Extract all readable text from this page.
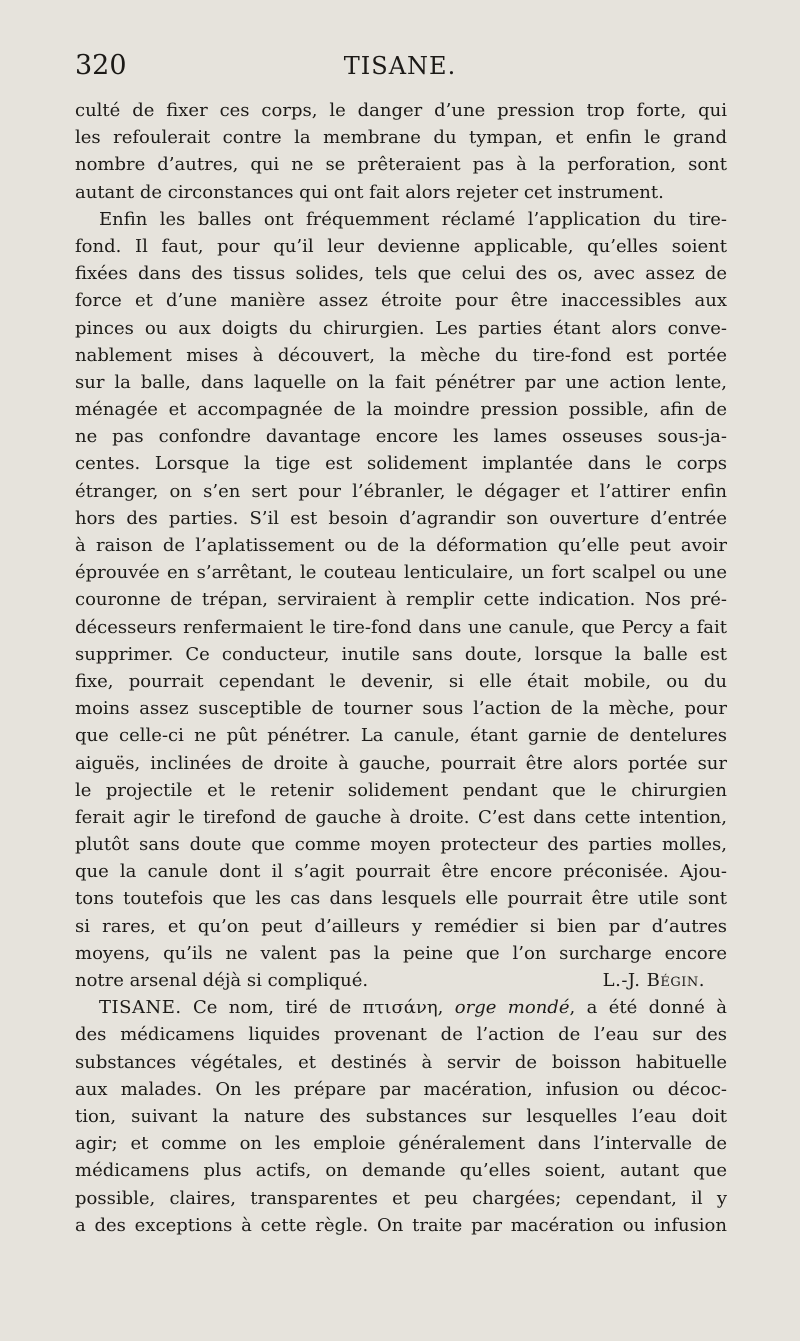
320	TISANE.
culté de fixer ces corps, le danger d’une pression trop forte, qui
les refoulerait contre la membrane du tympan, et enfin le grand
nombre d’autres, qui ne se prêteraient pas à la perforation, sont
autant de circonstances qui ont fait alors rejeter cet instrument.
Enfin les balles ont fréquemment réclamé l’application du tire-
fond. Il faut, pour qu’il leur devienne applicable, qu’elles soient
fixées dans des tissus solides, tels que celui des os, avec assez de
force et d’une manière assez étroite pour être inaccessibles aux
pinces ou aux doigts du chirurgien. Les parties étant alors conve-
nablement mises à découvert, la mèche du tire-fond est portée
sur la balle, dans laquelle on la fait pénétrer par une action lente,
ménagée et accompagnée de la moindre pression possible, afin de
ne pas confondre davantage encore les lames osseuses sous-ja-
centes. Lorsque la tige est solidement implantée dans le corps
étranger, on s’en sert pour l’ébranler, le dégager et l’attirer enfin
hors des parties. S’il est besoin d’agrandir son ouverture d’entrée
à raison de l’aplatissement ou de la déformation qu’elle peut avoir
éprouvée en s’arrêtant, le couteau lenticulaire, un fort scalpel ou une
couronne de trépan, serviraient à remplir cette indication. Nos pré-
décesseurs renfermaient le tire-fond dans une canule, que Percy a fait
supprimer. Ce conducteur, inutile sans doute, lorsque la balle est
fixe, pourrait cependant le devenir, si elle était mobile, ou du
moins assez susceptible de tourner sous l’action de la mèche, pour
que celle-ci ne pût pénétrer. La canule, étant garnie de dentelures
aiguës, inclinées de droite à gauche, pourrait être alors portée sur
le projectile et le retenir solidement pendant que le chirurgien
ferait agir le tirefond de gauche à droite. C’est dans cette intention,
plutôt sans doute que comme moyen protecteur des parties molles,
que la canule dont il s’agit pourrait être encore préconisée. Ajou-
tons toutefois que les cas dans lesquels elle pourrait être utile sont
si rares, et qu’on peut d’ailleurs y remédier si bien par d’autres
moyens, qu’ils ne valent pas la peine que l’on surcharge encore
notre arsenal déjà si compliqué.	L.-J. Bégin.
TISANE. Ce nom, tiré de πτισάνη, orge mondé, a été donné à
des médicamens liquides provenant de l’action de l’eau sur des
substances végétales, et destinés à servir de boisson habituelle
aux malades. On les prépare par macération, infusion ou décoc-
tion, suivant la nature des substances sur lesquelles l’eau doit
agir; et comme on les emploie généralement dans l’intervalle de
médicamens plus actifs, on demande qu’elles soient, autant que
possible, claires, transparentes et peu chargées; cependant, il y
a des exceptions à cette règle. On traite par macération ou infusion
